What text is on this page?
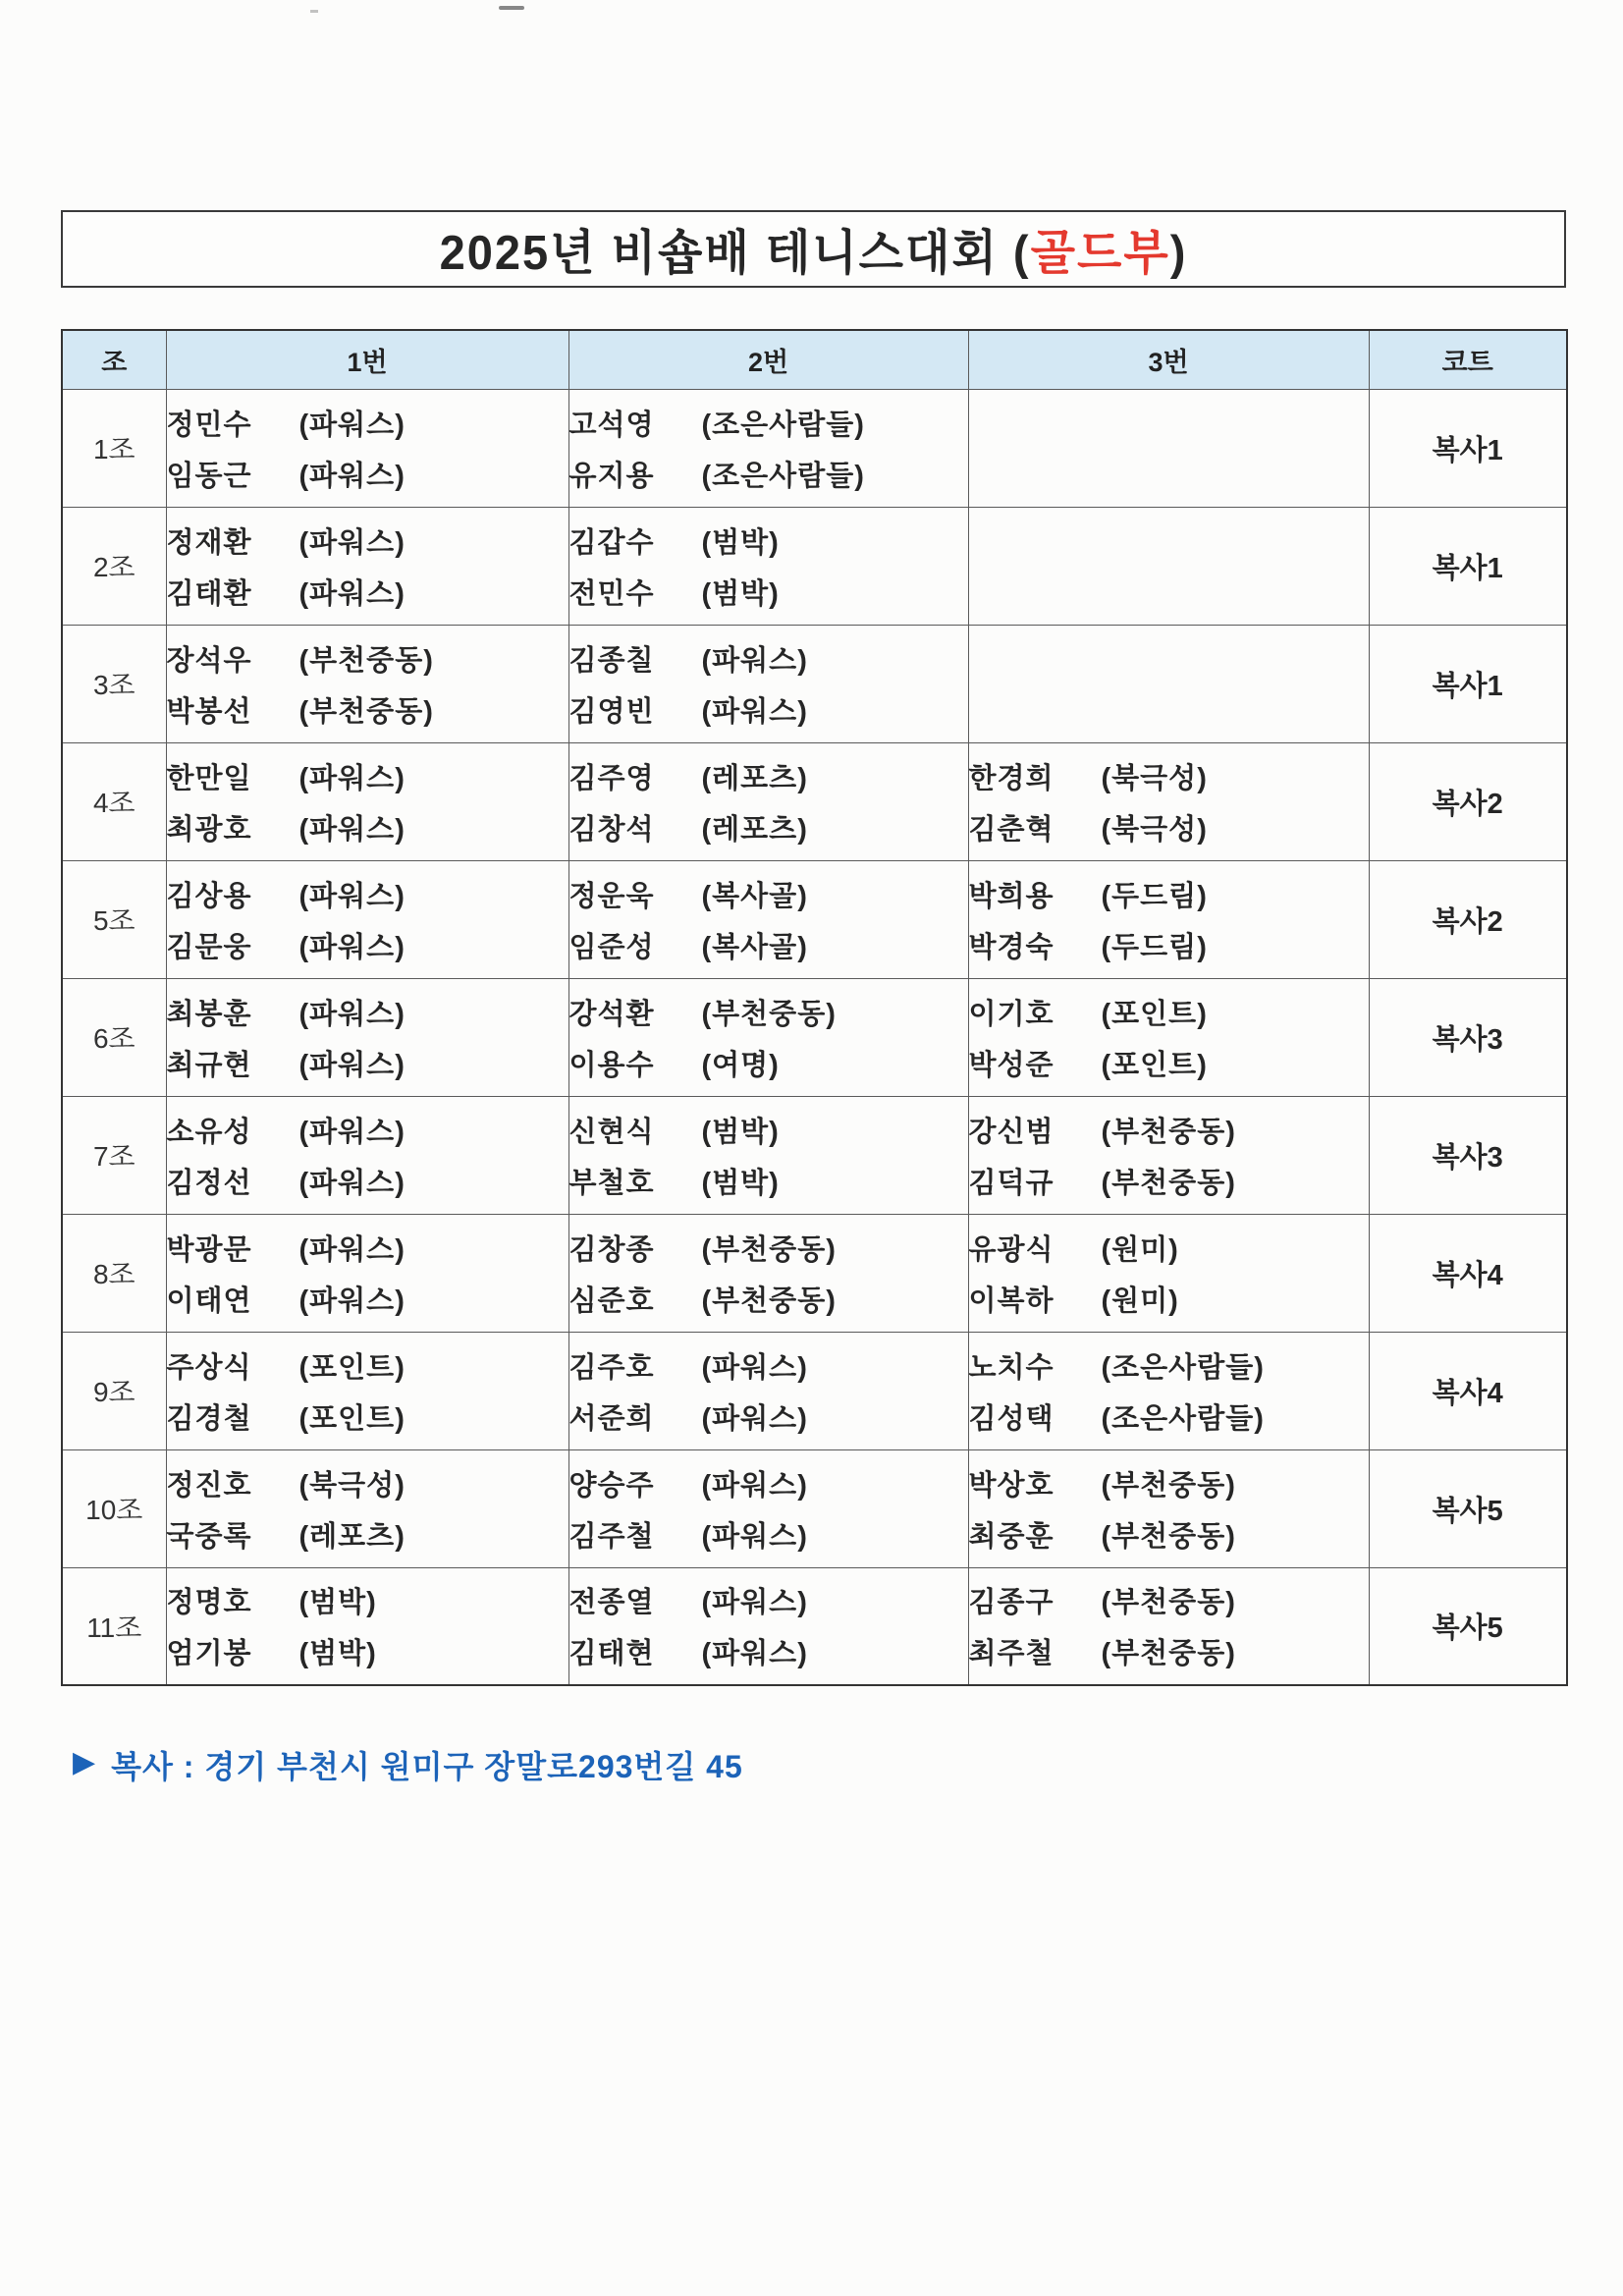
2025년 비숍배 테니스대회 (골드부)
조	1번	2번	3번	코트
1조	
정민수	(파워스)
임동근	(파워스)

고석영	(조은사람들)
유지용	(조은사람들)
		복사1
2조	
정재환	(파워스)
김태환	(파워스)

김갑수	(범박)
전민수	(범박)
		복사1
3조	
장석우	(부천중동)
박봉선	(부천중동)

김종칠	(파워스)
김영빈	(파워스)
		복사1
4조	
한만일	(파워스)
최광호	(파워스)

김주영	(레포츠)
김창석	(레포츠)

한경희	(북극성)
김춘혁	(북극성)
	복사2
5조	
김상용	(파워스)
김문웅	(파워스)

정운욱	(복사골)
임준성	(복사골)

박희용	(두드림)
박경숙	(두드림)
	복사2
6조	
최봉훈	(파워스)
최규현	(파워스)

강석환	(부천중동)
이용수	(여명)

이기호	(포인트)
박성준	(포인트)
	복사3
7조	
소유성	(파워스)
김정선	(파워스)

신현식	(범박)
부철호	(범박)

강신범	(부천중동)
김덕규	(부천중동)
	복사3
8조	
박광문	(파워스)
이태연	(파워스)

김창종	(부천중동)
심준호	(부천중동)

유광식	(원미)
이복하	(원미)
	복사4
9조	
주상식	(포인트)
김경철	(포인트)

김주호	(파워스)
서준희	(파워스)

노치수	(조은사람들)
김성택	(조은사람들)
	복사4
10조	
정진호	(북극성)
국중록	(레포츠)

양승주	(파워스)
김주철	(파워스)

박상호	(부천중동)
최중훈	(부천중동)
	복사5
11조	
정명호	(범박)
엄기봉	(범박)

전종열	(파워스)
김태현	(파워스)

김종구	(부천중동)
최주철	(부천중동)
	복사5
▶ 복사 : 경기 부천시 원미구 장말로293번길 45
